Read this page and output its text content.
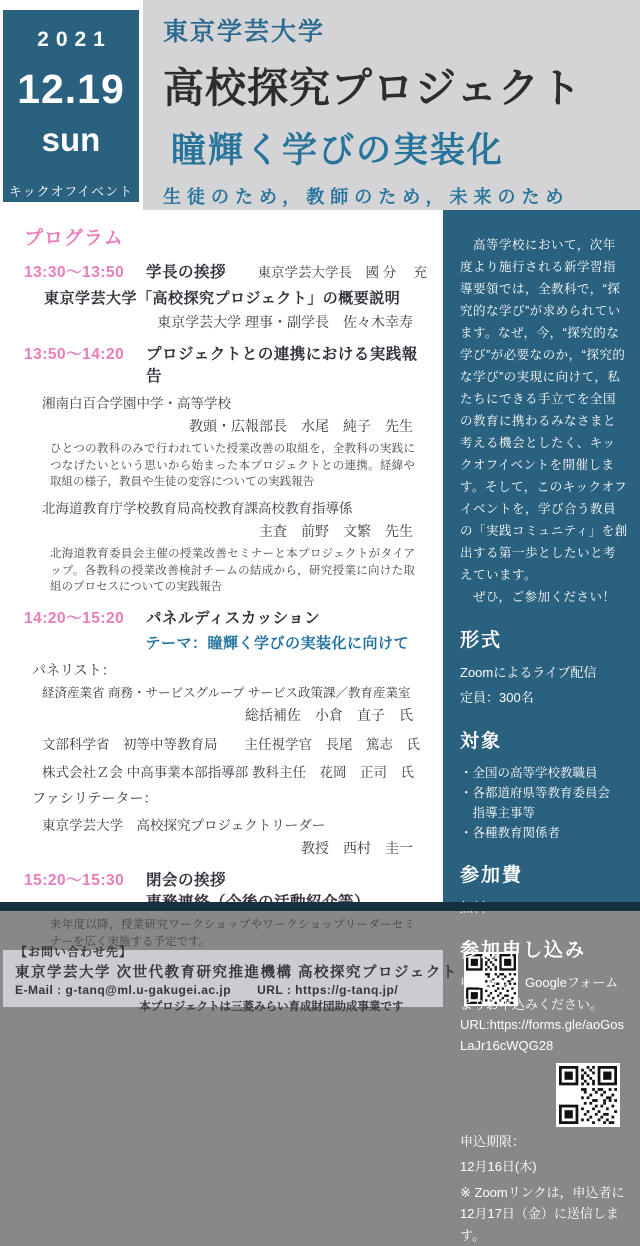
2021
12.19
sun
キックオフイベント
東京学芸大学
高校探究プロジェクト
瞳輝く学びの実装化
生徒のため，教師のため，未来のため
プログラム
13:30～13:50	学長の挨拶	東京学芸大学長　國 分　 充
東京学芸大学「高校探究プロジェクト」の概要説明
東京学芸大学 理事・副学長　佐々木幸寿
13:50～14:20	プロジェクトとの連携における実践報告
湘南白百合学園中学・高等学校
教頭・広報部長　水尾　純子　先生
ひとつの教科のみで行われていた授業改善の取組を，全教科の実践につなげたいという思いから始まった本プロジェクトとの連携。経緯や取組の様子，教員や生徒の変容についての実践報告
北海道教育庁学校教育局高校教育課高校教育指導係
主査　前野　文繁　先生
北海道教育委員会主催の授業改善セミナーと本プロジェクトがタイアップ。各教科の授業改善検討チームの結成から，研究授業に向けた取組のプロセスについての実践報告
14:20～15:20	パネルディスカッション
テーマ：瞳輝く学びの実装化に向けて
パネリスト：
経済産業省 商務・サービスグループ サービス政策課／教育産業室
総括補佐　小倉　直子　氏
文部科学省　初等中等教育局　　主任視学官　長尾　篤志　氏
株式会社Ｚ会 中高事業本部指導部 教科主任　花岡　正司　氏
ファシリテーター：
東京学芸大学　高校探究プロジェクトリーダー
教授　西村　圭一
15:20～15:30	閉会の挨拶
来年度以降，授業研究ワークショップやワークショップリーダーセミナーを広く実施する予定です。
【お問い合わせ先】
東京学芸大学 次世代教育研究推進機構 高校探究プロジェクト
E-Mail : g-tanq@ml.u-gakugei.ac.jp URL : https://g-tanq.jp/
本プロジェクトは三菱みらい育成財団助成事業です
　高等学校において，次年度より施行される新学習指導要領では，全教科で，“探究的な学び”が求められています。なぜ，今，“探究的な学び”が必要なのか，“探究的な学び”の実現に向けて，私たちにできる手立てを全国の教育に携わるみなさまと考える機会としたく、キックオフイベントを開催します。そして，このキックオフイベントを，学び合う教員の「実践コミュニティ」を創出する第一歩としたいと考えています。
　ぜひ，ご参加ください！
形式
Zoomによるライブ配信
定員：300名
対象
・全国の高等学校教職員
・各都道府県等教育委員会
　指導主事等
・各種教育関係者
参加費
参加申し込み
申込方法：Googleフォームよりお申込みください。
URL:https://forms.gle/aoGosLaJr16cWQG28
申込期限：
12月16日(木)
※ Zoomリンクは，申込者に12月17日（金）に送信します。
